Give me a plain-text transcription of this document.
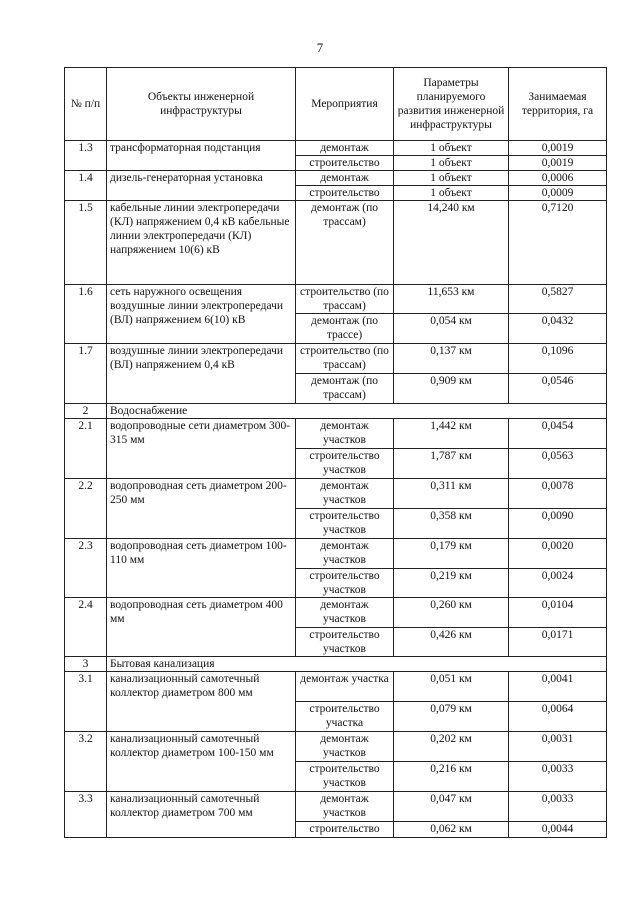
7
№ п/п	Объекты инженерной инфраструктуры	Мероприятия	Параметры планируемого развития инженерной инфраструктуры	Занимаемая территория, га
1.3	трансформаторная подстанция	демонтаж	1 объект	0,0019
		строительство	1 объект	0,0019
1.4	дизель-генераторная установка	демонтаж	1 объект	0,0006
		строительство	1 объект	0,0009
1.5	кабельные линии электропередачи (КЛ) напряжением 0,4 кВ кабельные линии электропередачи (КЛ) напряжением 10(6) кВ	демонтаж (по трассам)	14,240 км	0,7120
1.6	сеть наружного освещения воздушные линии электропередачи (ВЛ) напряжением 6(10) кВ	строительство (по трассам)	11,653 км	0,5827
		демонтаж (по трассе)	0,054 км	0,0432
1.7	воздушные линии электропередачи (ВЛ) напряжением 0,4 кВ	строительство (по трассам)	0,137 км	0,1096
		демонтаж (по трассам)	0,909 км	0,0546
2	Водоснабжение			
2.1	водопроводные сети диаметром 300-315 мм	демонтаж участков	1,442 км	0,0454
		строительство участков	1,787 км	0,0563
2.2	водопроводная сеть диаметром 200-250 мм	демонтаж участков	0,311 км	0,0078
		строительство участков	0,358 км	0,0090
2.3	водопроводная сеть диаметром 100-110 мм	демонтаж участков	0,179 км	0,0020
		строительство участков	0,219 км	0,0024
2.4	водопроводная сеть диаметром 400 мм	демонтаж участков	0,260 км	0,0104
		строительство участков	0,426 км	0,0171
3	Бытовая канализация			
3.1	канализационный самотечный коллектор диаметром 800 мм	демонтаж участка	0,051 км	0,0041
		строительство участка	0,079 км	0,0064
3.2	канализационный самотечный коллектор диаметром 100-150 мм	демонтаж участков	0,202 км	0,0031
		строительство участков	0,216 км	0,0033
3.3	канализационный самотечный коллектор диаметром 700 мм	демонтаж участков	0,047 км	0,0033
		строительство	0,062 км	0,0044
